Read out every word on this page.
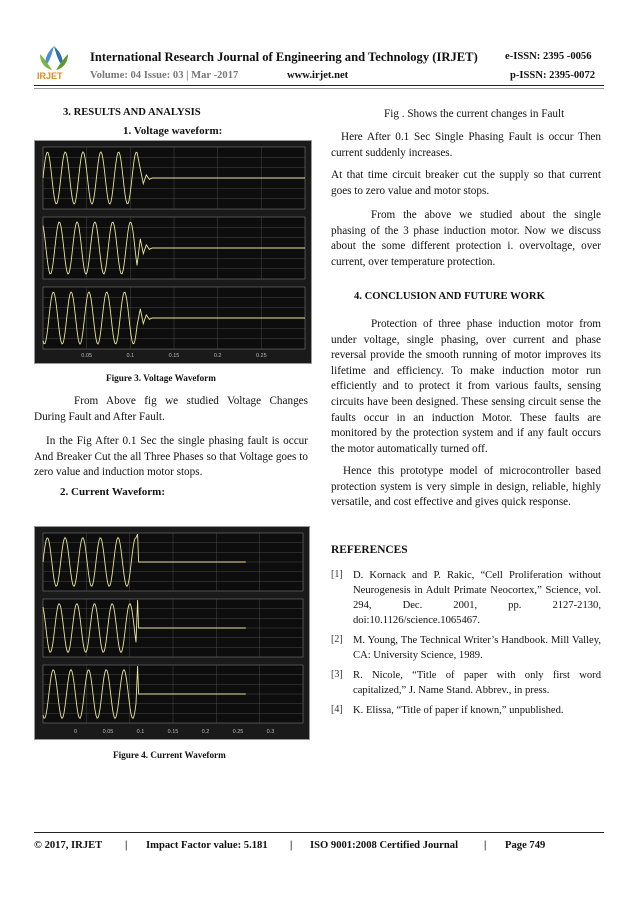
IRJET
International Research Journal of Engineering and Technology (IRJET)	e-ISSN: 2395 -0056
Volume: 04 Issue: 03 | Mar -2017	www.irjet.net	p-ISSN: 2395-0072
3. RESULTS AND ANALYSIS
1. Voltage waveform:
0.05	0.1	0.15	0.2	0.25
Figure 3. Voltage Waveform
From Above fig we studied Voltage Changes During Fault and After Fault.
In the Fig After 0.1 Sec the single phasing fault is occur And Breaker Cut the all Three Phases so that Voltage goes to zero value and induction motor stops.
2. Current Waveform:
0	0.05	0.1	0.15	0.2	0.25	0.3
Figure 4. Current Waveform
Fig . Shows the current changes in Fault
Here After 0.1 Sec Single Phasing Fault is occur Then current suddenly increases.
At that time circuit breaker cut the supply so that current goes to zero value and motor stops.
From the above we studied about the single phasing of the 3 phase induction motor. Now we discuss about the some different protection i. overvoltage, over current, over temperature protection.
4. CONCLUSION AND FUTURE WORK
Protection of three phase induction motor from under voltage, single phasing, over current and phase reversal provide the smooth running of motor improves its lifetime and efficiency. To make induction motor run efficiently and to protect it from various faults, sensing circuits have been designed. These sensing circuit sense the faults occur in an induction Motor. These faults are monitored by the protection system and if any fault occurs the motor automatically turned off.
Hence this prototype model of microcontroller based protection system is very simple in design, reliable, highly versatile, and cost effective and gives quick response.
REFERENCES
[1] D. Kornack and P. Rakic, “Cell Proliferation without Neurogenesis in Adult Primate Neocortex,” Science, vol. 294, Dec. 2001, pp. 2127-2130, doi:10.1126/science.1065467.
[2] M. Young, The Technical Writer’s Handbook. Mill Valley, CA: University Science, 1989.
[3] R. Nicole, “Title of paper with only first word capitalized,” J. Name Stand. Abbrev., in press.
[4] K. Elissa, “Title of paper if known,” unpublished.
© 2017, IRJET | Impact Factor value: 5.181 | ISO 9001:2008 Certified Journal | Page 749
